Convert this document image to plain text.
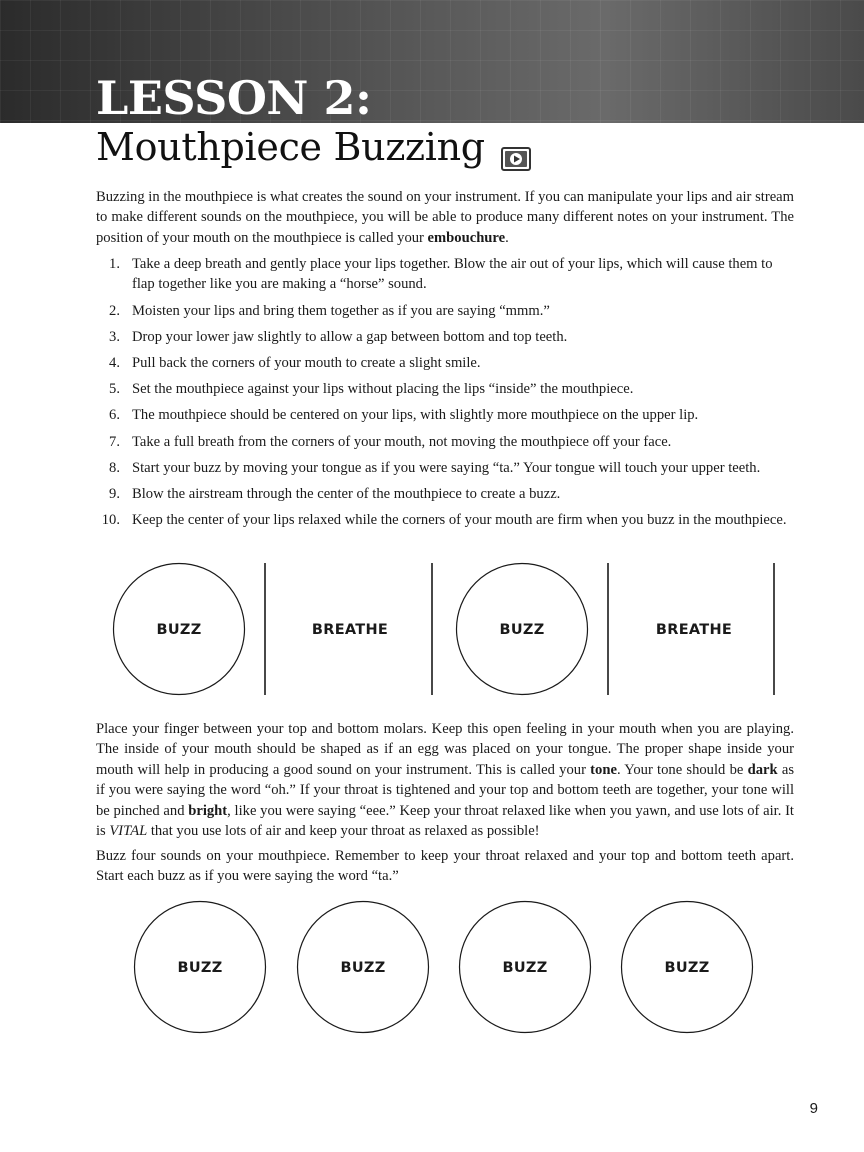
LESSON 2:
Mouthpiece Buzzing

Buzzing in the mouthpiece is what creates the sound on your instrument. If you can manipulate your lips and air stream to make different sounds on the mouthpiece, you will be able to produce many different notes on your instrument. The position of your mouth on the mouthpiece is called your embouchure.

1. Take a deep breath and gently place your lips together. Blow the air out of your lips, which will cause them to flap together like you are making a “horse” sound.
2. Moisten your lips and bring them together as if you are saying “mmm.”
3. Drop your lower jaw slightly to allow a gap between bottom and top teeth.
4. Pull back the corners of your mouth to create a slight smile.
5. Set the mouthpiece against your lips without placing the lips “inside” the mouthpiece.
6. The mouthpiece should be centered on your lips, with slightly more mouthpiece on the upper lip.
7. Take a full breath from the corners of your mouth, not moving the mouthpiece off your face.
8. Start your buzz by moving your tongue as if you were saying “ta.” Your tongue will touch your upper teeth.
9. Blow the airstream through the center of the mouthpiece to create a buzz.
10. Keep the center of your lips relaxed while the corners of your mouth are firm when you buzz in the mouthpiece.
BUZZ	BREATHE	BUZZ	BREATHE

Place your finger between your top and bottom molars. Keep this open feeling in your mouth when you are playing. The inside of your mouth should be shaped as if an egg was placed on your tongue. The proper shape inside your mouth will help in producing a good sound on your instrument. This is called your tone. Your tone should be dark as if you were saying the word “oh.” If your throat is tightened and your top and bottom teeth are together, your tone will be pinched and bright, like you were saying “eee.” Keep your throat relaxed like when you yawn, and use lots of air. It is VITAL that you use lots of air and keep your throat as relaxed as possible!

Buzz four sounds on your mouthpiece. Remember to keep your throat relaxed and your top and bottom teeth apart. Start each buzz as if you were saying the word “ta.”

BUZZ	BUZZ	BUZZ	BUZZ
9
